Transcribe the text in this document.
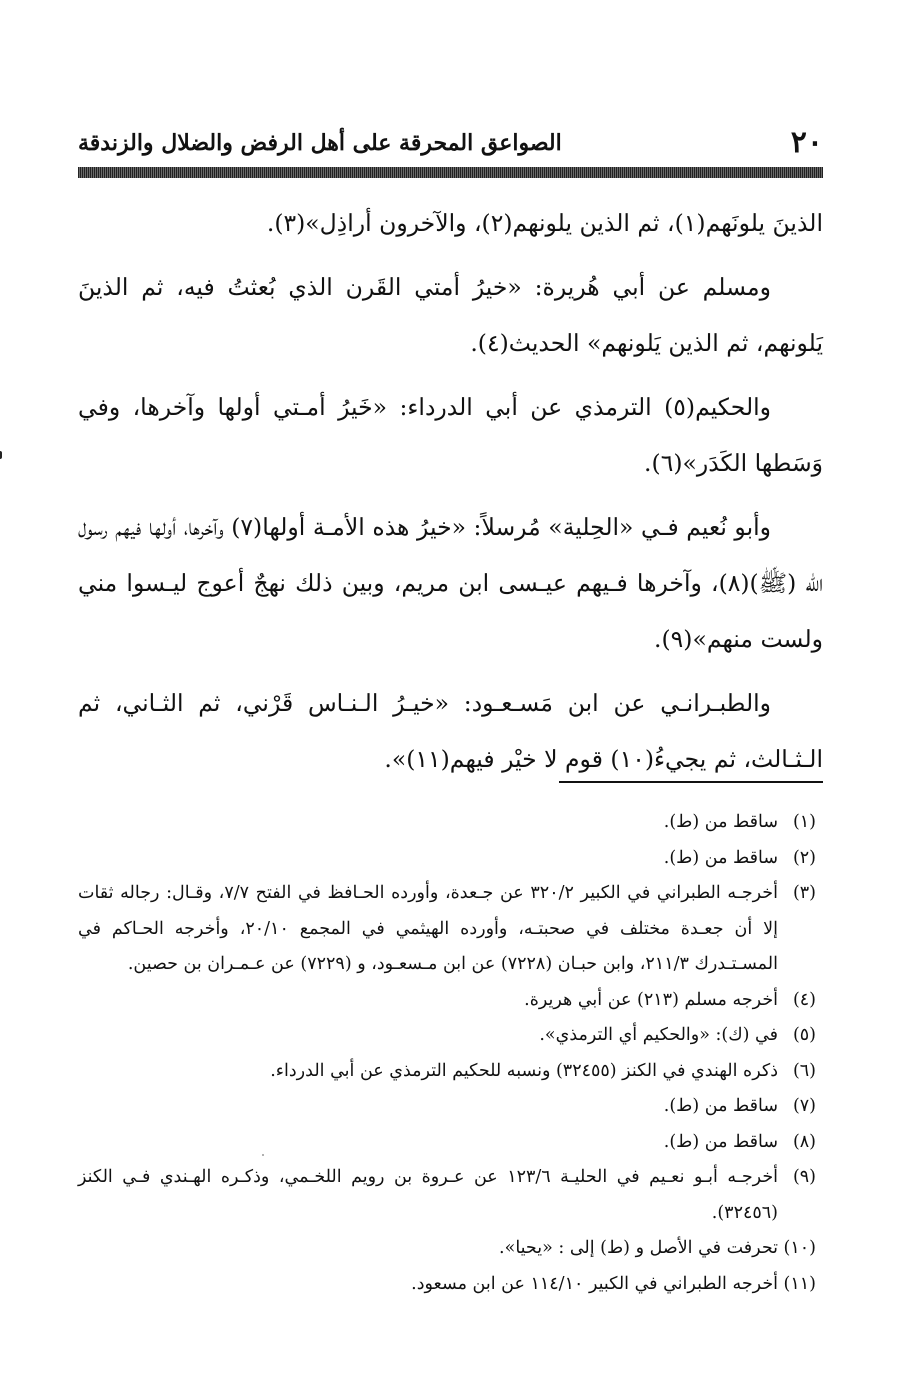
٢٠
الصواعق المحرقة على أهل الرفض والضلال والزندقة

الذينَ يلونَهم(١)، ثم الذين يلونهم(٢)، والآخرون أراذِل»(٣).

ومسلم عن أبي هُريرة: «خيرُ أمتي القَرن الذي بُعثتُ فيه، ثم الذينَ يَلونهم، ثم الذين يَلونهم» الحديث(٤).

والحكيم(٥) الترمذي عن أبي الدرداء: «خَيرُ أمـتي أولها وآخرها، وفي وَسَطها الكَدَر»(٦).

وأبو نُعيم فـي «الحِلية» مُرسلاً: «خيرُ هذه الأمـة أولها(٧) وآخرها، أولها فيهم رسول الله (ﷺ)(٨)، وآخرها فـيهم عيـسى ابن مريم، وبين ذلك نهجٌ أعوج ليـسوا مني ولست منهم»(٩).

والطبـرانـي عن ابن مَسـعـود: «خيـرُ الـنـاس قَرْني، ثم الثـاني، ثم الـثـالث، ثم يجيءُ(١٠) قوم لا خيْر فيهم(١١)».

(١)
ساقط من (ط).
(٢)
ساقط من (ط).
(٣)
أخرجـه الطبراني في الكبير ٣٢٠/٢ عن جـعدة، وأورده الحـافظ في الفتح ٧/٧، وقـال: رجاله ثقات إلا أن جعـدة مختلف في صحبتـه، وأورده الهيثمي في المجمع ٢٠/١٠، وأخرجه الحـاكم في المسـتـدرك ٢١١/٣، وابن حبـان (٧٢٢٨) عن ابن مـسعـود، و (٧٢٢٩) عن عـمـران بن حصين.
(٤)
أخرجه مسلم (٢١٣) عن أبي هريرة.
(٥)
في (ك): «والحكيم أي الترمذي».
(٦)
ذكره الهندي في الكنز (٣٢٤٥٥) ونسبه للحكيم الترمذي عن أبي الدرداء.
(٧)
ساقط من (ط).
(٨)
ساقط من (ط).
(٩)
أخرجـه أبـو نعـيم في الحليـة ١٢٣/٦ عن عـروة بن رويم اللخـمي، وذكـره الهـندي فـي الكنز (٣٢٤٥٦).
(١٠)
تحرفت في الأصل و (ط) إلى : «يحيا».
(١١)
أخرجه الطبراني في الكبير ١١٤/١٠ عن ابن مسعود.
